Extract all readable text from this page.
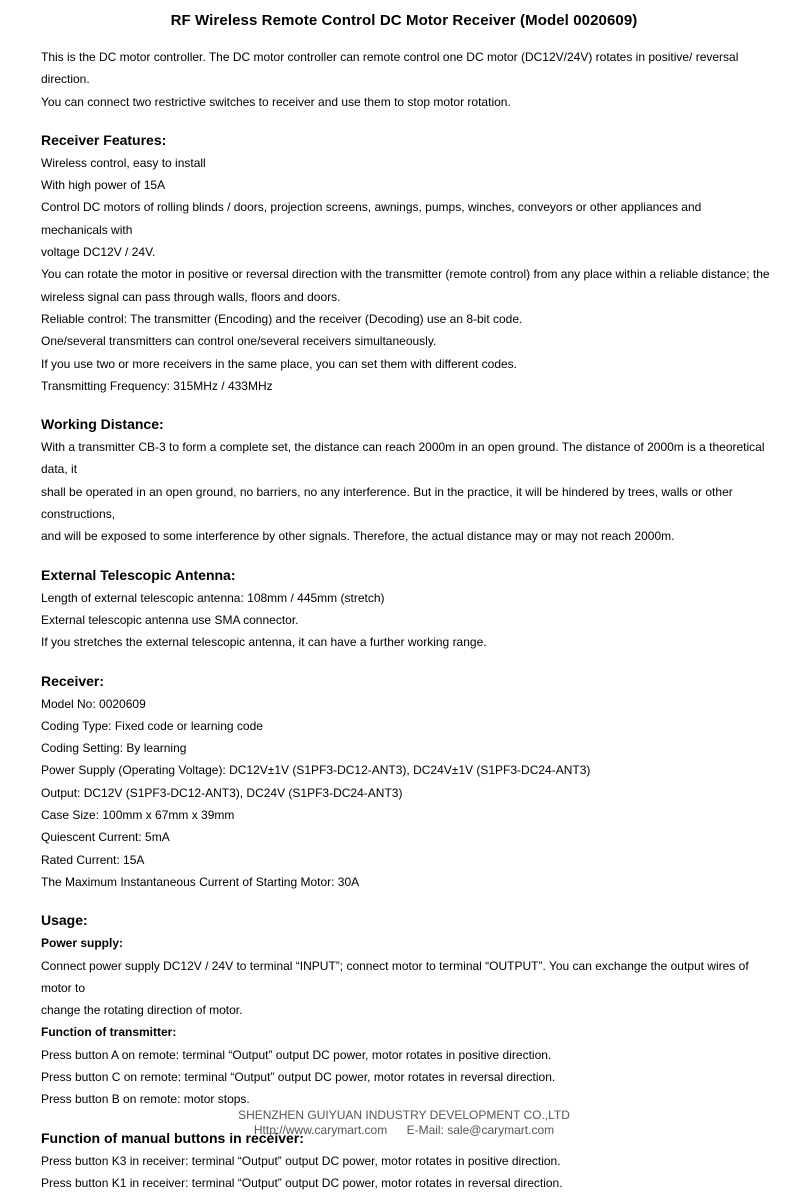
RF Wireless Remote Control DC Motor Receiver (Model 0020609)

This is the DC motor controller. The DC motor controller can remote control one DC motor (DC12V/24V) rotates in positive/ reversal direction.

You can connect two restrictive switches to receiver and use them to stop motor rotation.

Receiver Features:

Wireless control, easy to install

With high power of 15A

Control DC motors of rolling blinds / doors, projection screens, awnings, pumps, winches, conveyors or other appliances and mechanicals with

voltage DC12V / 24V.

You can rotate the motor in positive or reversal direction with the transmitter (remote control) from any place within a reliable distance; the

wireless signal can pass through walls, floors and doors.

Reliable control: The transmitter (Encoding) and the receiver (Decoding) use an 8-bit code.

One/several transmitters can control one/several receivers simultaneously.

If you use two or more receivers in the same place, you can set them with different codes.

Transmitting Frequency: 315MHz / 433MHz

Working Distance:

With a transmitter CB-3 to form a complete set, the distance can reach 2000m in an open ground. The distance of 2000m is a theoretical data, it

shall be operated in an open ground, no barriers, no any interference. But in the practice, it will be hindered by trees, walls or other constructions,

and will be exposed to some interference by other signals. Therefore, the actual distance may or may not reach 2000m.

External Telescopic Antenna:

Length of external telescopic antenna: 108mm / 445mm (stretch)

External telescopic antenna use SMA connector.

If you stretches the external telescopic antenna, it can have a further working range.

Receiver:

Model No: 0020609

Coding Type: Fixed code or learning code

Coding Setting: By learning

Power Supply (Operating Voltage): DC12V±1V (S1PF3-DC12-ANT3), DC24V±1V (S1PF3-DC24-ANT3)

Output: DC12V (S1PF3-DC12-ANT3), DC24V (S1PF3-DC24-ANT3)

Case Size: 100mm x 67mm x 39mm

Quiescent Current: 5mA

Rated Current: 15A

The Maximum Instantaneous Current of Starting Motor: 30A

Usage:

Power supply:

Connect power supply DC12V / 24V to terminal “INPUT”; connect motor to terminal “OUTPUT”. You can exchange the output wires of motor to

change the rotating direction of motor.

Function of transmitter:

Press button A on remote: terminal “Output” output DC power, motor rotates in positive direction.

Press button C on remote: terminal “Output” output DC power, motor rotates in reversal direction.

Press button B on remote: motor stops.

Function of manual buttons in receiver:

Press button K3 in receiver: terminal “Output” output DC power, motor rotates in positive direction.

Press button K1 in receiver: terminal “Output” output DC power, motor rotates in reversal direction.

SHENZHEN GUIYUAN INDUSTRY DEVELOPMENT CO.,LTD
Http://www.carymart.com E-Mail: sale@carymart.com
